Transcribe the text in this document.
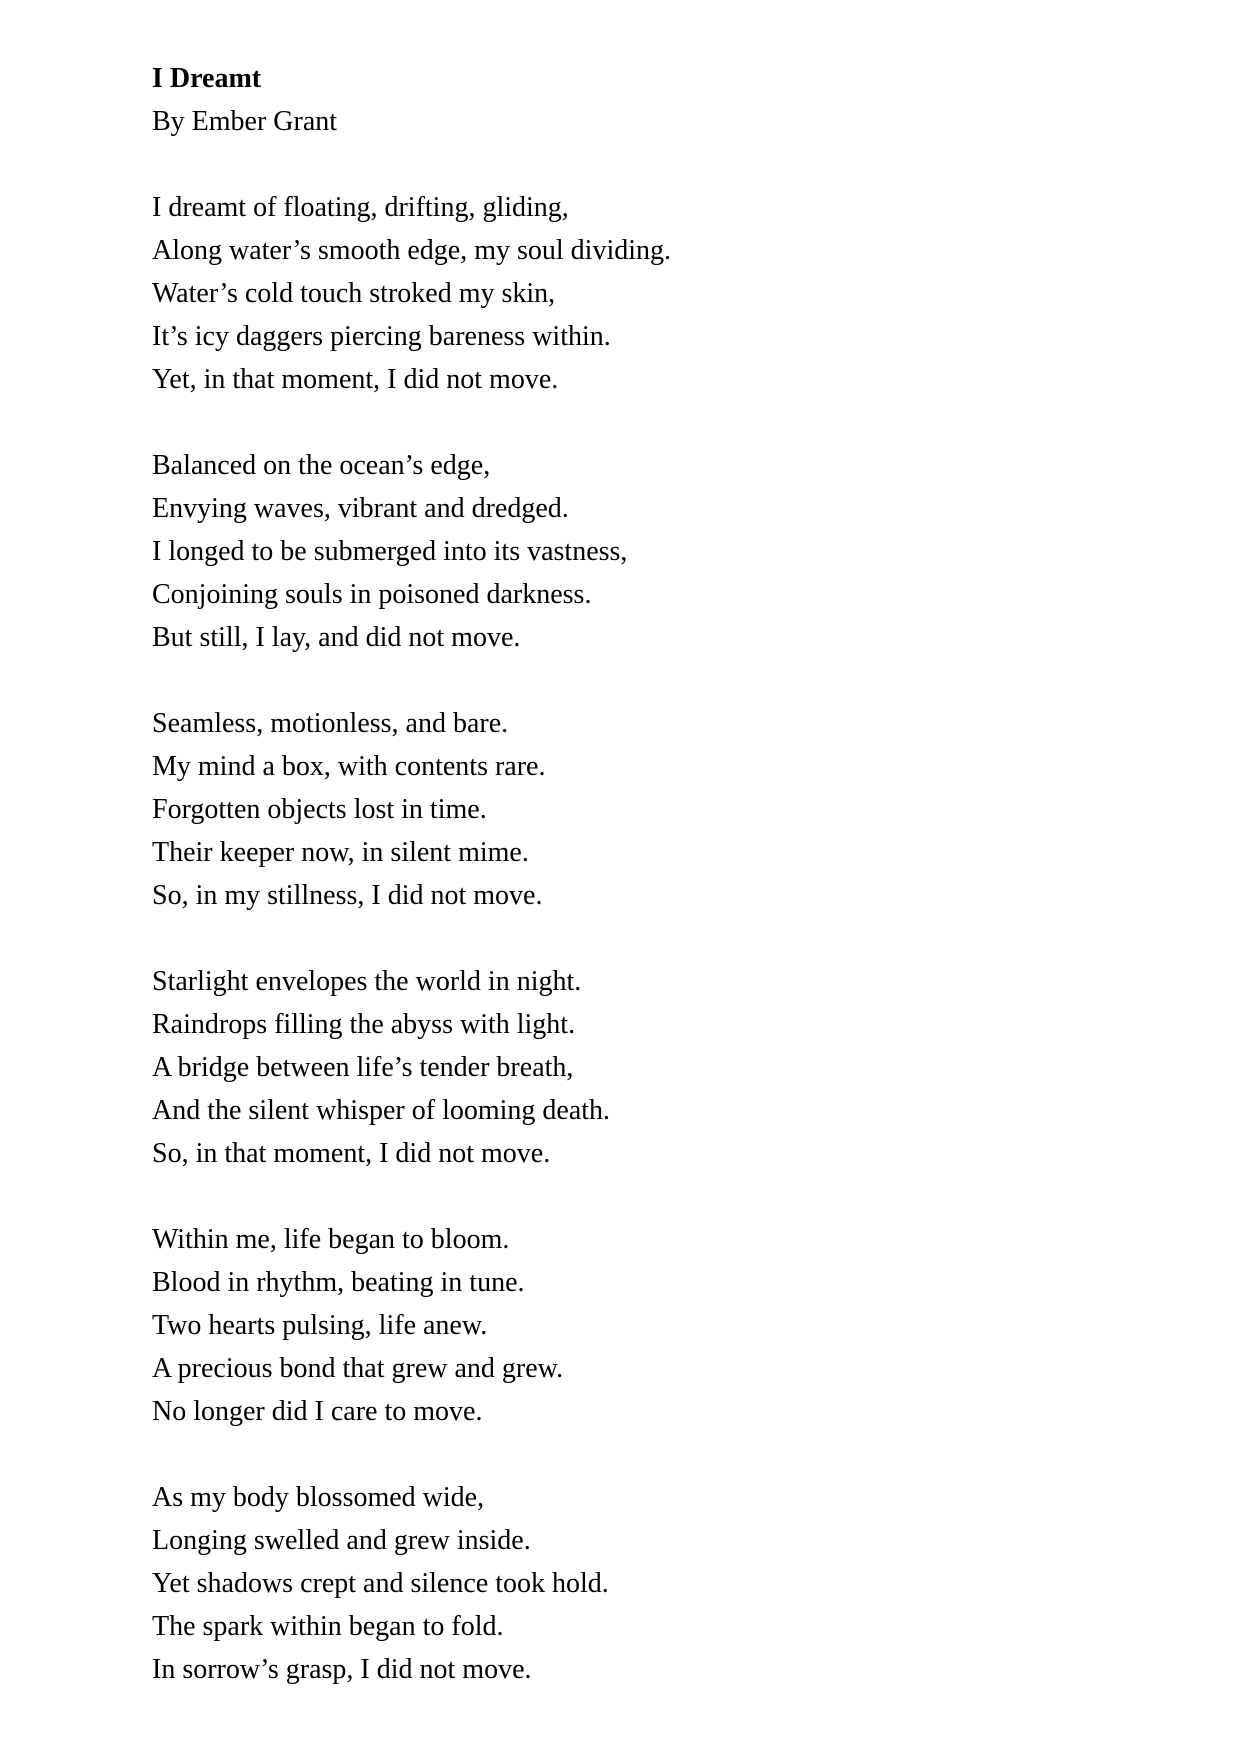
I Dreamt
By Ember Grant
I dreamt of floating, drifting, gliding,
Along water’s smooth edge, my soul dividing.
Water’s cold touch stroked my skin,
It’s icy daggers piercing bareness within.
Yet, in that moment, I did not move.
Balanced on the ocean’s edge,
Envying waves, vibrant and dredged.
I longed to be submerged into its vastness,
Conjoining souls in poisoned darkness.
But still, I lay, and did not move.
Seamless, motionless, and bare.
My mind a box, with contents rare.
Forgotten objects lost in time.
Their keeper now, in silent mime.
So, in my stillness, I did not move.
Starlight envelopes the world in night.
Raindrops filling the abyss with light.
A bridge between life’s tender breath,
And the silent whisper of looming death.
So, in that moment, I did not move.
Within me, life began to bloom.
Blood in rhythm, beating in tune.
Two hearts pulsing, life anew.
A precious bond that grew and grew.
No longer did I care to move.
As my body blossomed wide,
Longing swelled and grew inside.
Yet shadows crept and silence took hold.
The spark within began to fold.
In sorrow’s grasp, I did not move.
